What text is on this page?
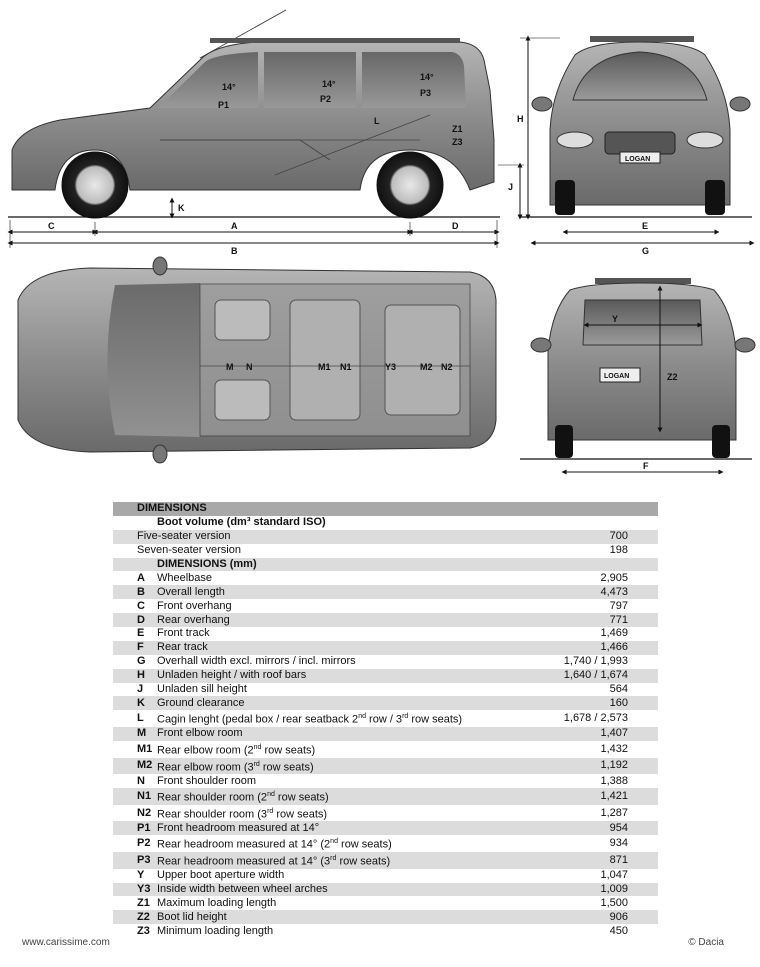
14°
P1
14°
P2
14°
P3
L
Z1
Z3
K
C	A	D
B
H
J
LOGAN
E
G
M N	M1 N1	Y3	M2 N2
Y
LOGAN	Z2
F
DIMENSIONS		
Boot volume (dm³ standard ISO)		
Five-seater version		700
Seven-seater version		198
DIMENSIONS (mm)		
A	Wheelbase	2,905
B	Overall length	4,473
C	Front overhang	797
D	Rear overhang	771
E	Front track	1,469
F	Rear track	1,466
G	Overhall width excl. mirrors / incl. mirrors	1,740 / 1,993
H	Unladen height / with roof bars	1,640 / 1,674
J	Unladen sill height	564
K	Ground clearance	160
L	Cagin lenght (pedal box / rear seatback 2nd row / 3rd row seats)	1,678 / 2,573
M	Front elbow room	1,407
M1	Rear elbow room (2nd row seats)	1,432
M2	Rear elbow room (3rd row seats)	1,192
N	Front shoulder room	1,388
N1	Rear shoulder room (2nd row seats)	1,421
N2	Rear shoulder room (3rd row seats)	1,287
P1	Front headroom measured at 14°	954
P2	Rear headroom measured at 14° (2nd row seats)	934
P3	Rear headroom measured at 14° (3rd row seats)	871
Y	Upper boot aperture width	1,047
Y3	Inside width between wheel arches	1,009
Z1	Maximum loading length	1,500
Z2	Boot lid height	906
Z3	Minimum loading length	450
www.carissime.com	© Dacia
